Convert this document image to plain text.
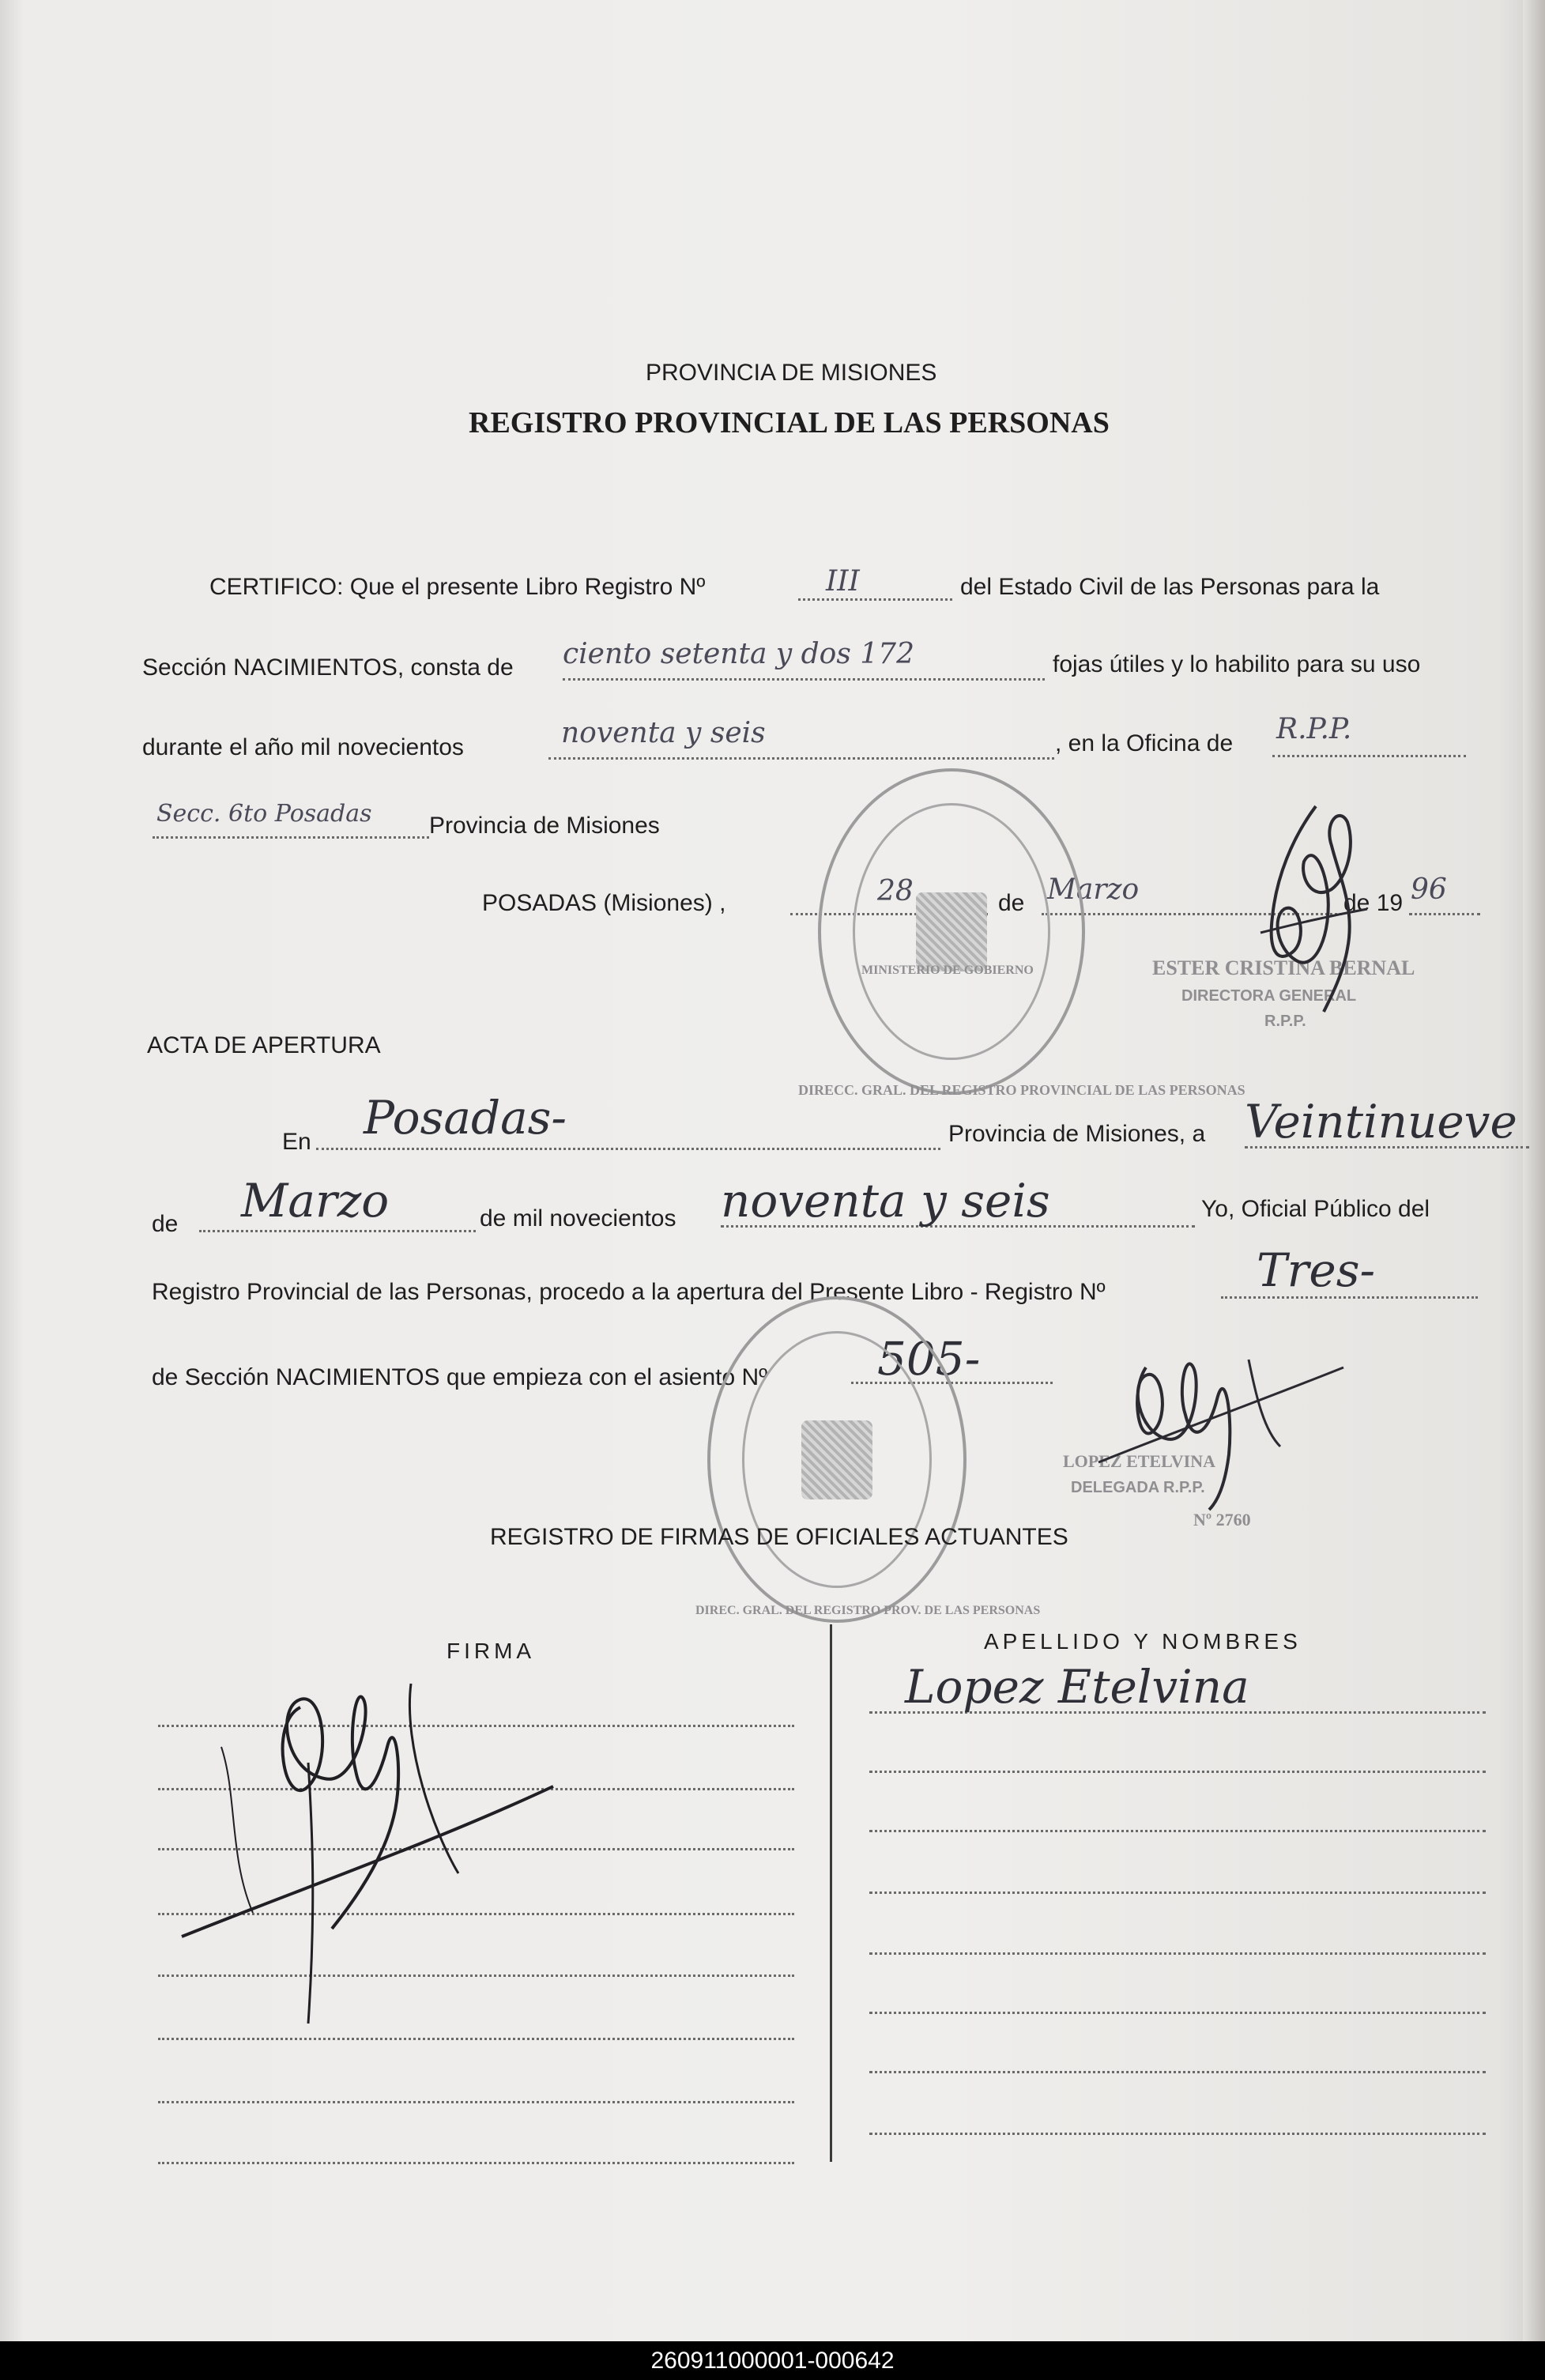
PROVINCIA DE MISIONES
REGISTRO PROVINCIAL DE LAS PERSONAS
CERTIFICO: Que el presente Libro Registro Nº	III	del Estado Civil de las Personas para la
Sección NACIMIENTOS, consta de ciento setenta y dos 172	fojas útiles y lo habilito para su uso
durante el año mil novecientos	noventa y seis	, en la Oficina de R.P.P.
Secc. 6to Posadas Provincia de Misiones
POSADAS (Misiones) ,	28	de Marzo	de 19 96
DIRECC. GRAL. DEL REGISTRO PROVINCIAL DE LAS PERSONAS
MINISTERIO DE GOBIERNO	ESTER CRISTINA BERNAL
DIRECTORA GENERAL
R.P.P.
ACTA DE APERTURA
En Posadas-	Provincia de Misiones, a Veintinueve
de Marzo	de mil novecientos noventa y seis	Yo, Oficial Público del
Registro Provincial de las Personas, procedo a la apertura del Presente Libro - Registro Nº	Tres-
de Sección NACIMIENTOS que empieza con el asiento Nº 505-
DIREC. GRAL. DEL REGISTRO PROV. DE LAS PERSONAS
LOPEZ ETELVINA
DELEGADA R.P.P.
Nº 2760
REGISTRO DE FIRMAS DE OFICIALES ACTUANTES
FIRMA	APELLIDO Y NOMBRES
Lopez Etelvina
260911000001-000642
